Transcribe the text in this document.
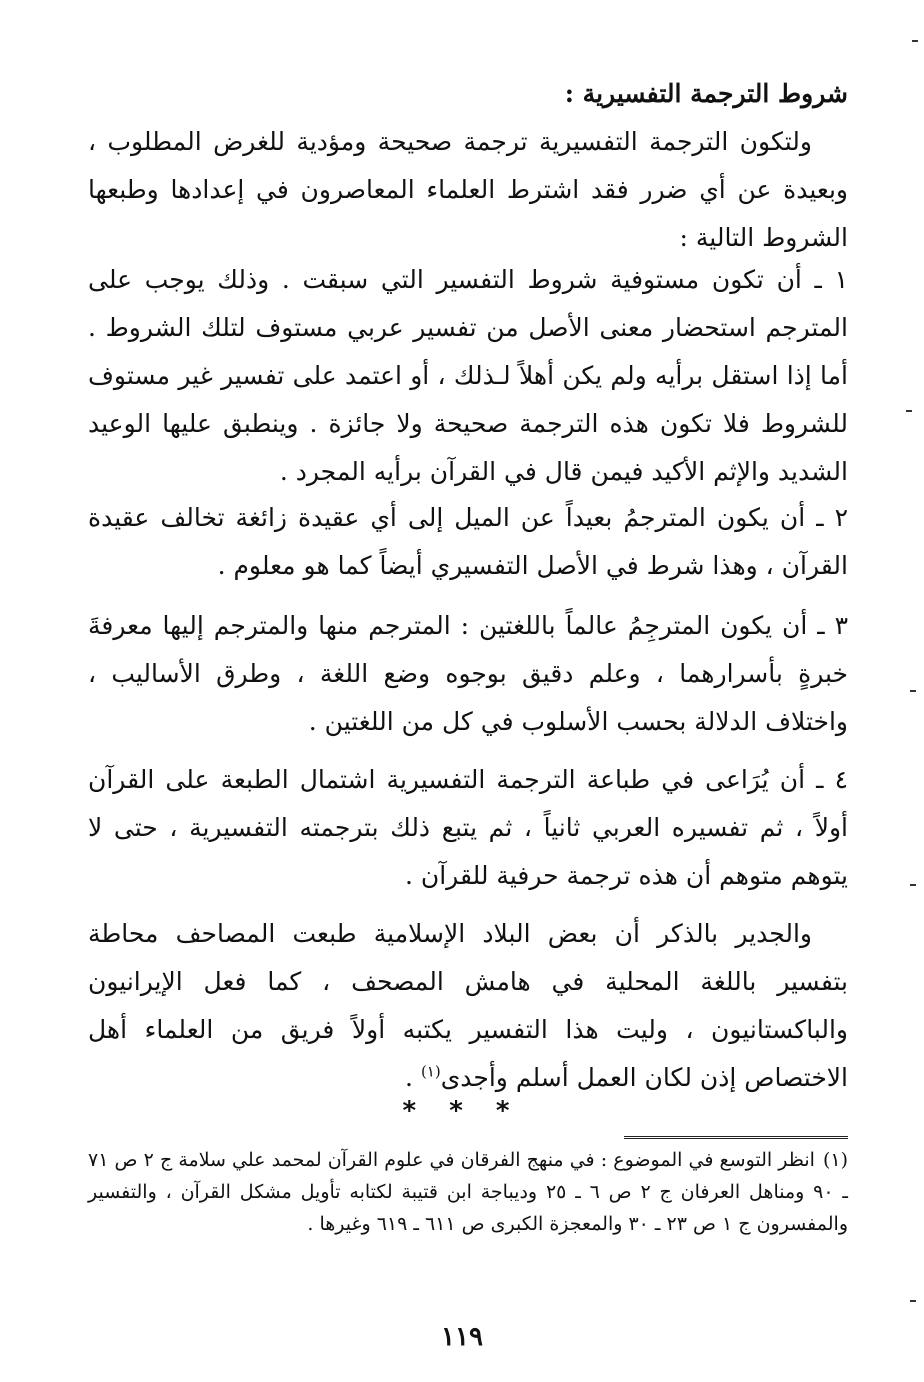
شروط الترجمة التفسيرية :

ولتكون الترجمة التفسيرية ترجمة صحيحة ومؤدية للغرض المطلوب ، وبعيدة عن أي ضرر فقد اشترط العلماء المعاصرون في إعدادها وطبعها الشروط التالية :

١ ـ أن تكون مستوفية شروط التفسير التي سبقت . وذلك يوجب على المترجم استحضار معنى الأصل من تفسير عربي مستوف لتلك الشروط . أما إذا استقل برأيه ولم يكن أهلاً لـذلك ، أو اعتمد على تفسير غير مستوف للشروط فلا تكون هذه الترجمة صحيحة ولا جائزة . وينطبق عليها الوعيد الشديد والإثم الأكيد فيمن قال في القرآن برأيه المجرد .

٢ ـ أن يكون المترجمُ بعيداً عن الميل إلى أي عقيدة زائغة تخالف عقيدة القرآن ، وهذا شرط في الأصل التفسيري أيضاً كما هو معلوم .

٣ ـ أن يكون المترجِمُ عالماً باللغتين : المترجم منها والمترجم إليها معرفةَ خبرةٍ بأسرارهما ، وعلم دقيق بوجوه وضع اللغة ، وطرق الأساليب ، واختلاف الدلالة بحسب الأسلوب في كل من اللغتين .

٤ ـ أن يُرَاعى في طباعة الترجمة التفسيرية اشتمال الطبعة على القرآن أولاً ، ثم تفسيره العربي ثانياً ، ثم يتبع ذلك بترجمته التفسيرية ، حتى لا يتوهم متوهم أن هذه ترجمة حرفية للقرآن .

والجدير بالذكر أن بعض البلاد الإسلامية طبعت المصاحف محاطة بتفسير باللغة المحلية في هامش المصحف ، كما فعل الإيرانيون والباكستانيون ، وليت هذا التفسير يكتبه أولاً فريق من العلماء أهل الاختصاص إذن لكان العمل أسلم وأجدى$^{(١)}$ .

* * *
(١)انظر التوسع في الموضوع : في منهج الفرقان في علوم القرآن لمحمد علي سلامة ج ٢ ص ٧١ ـ ٩٠ ومناهل العرفان ج ٢ ص ٦ ـ ٢٥ وديباجة ابن قتيبة لكتابه تأويل مشكل القرآن ، والتفسير والمفسرون ج ١ ص ٢٣ ـ ٣٠ والمعجزة الكبرى ص ٦١١ ـ ٦١٩ وغيرها .
١١٩
